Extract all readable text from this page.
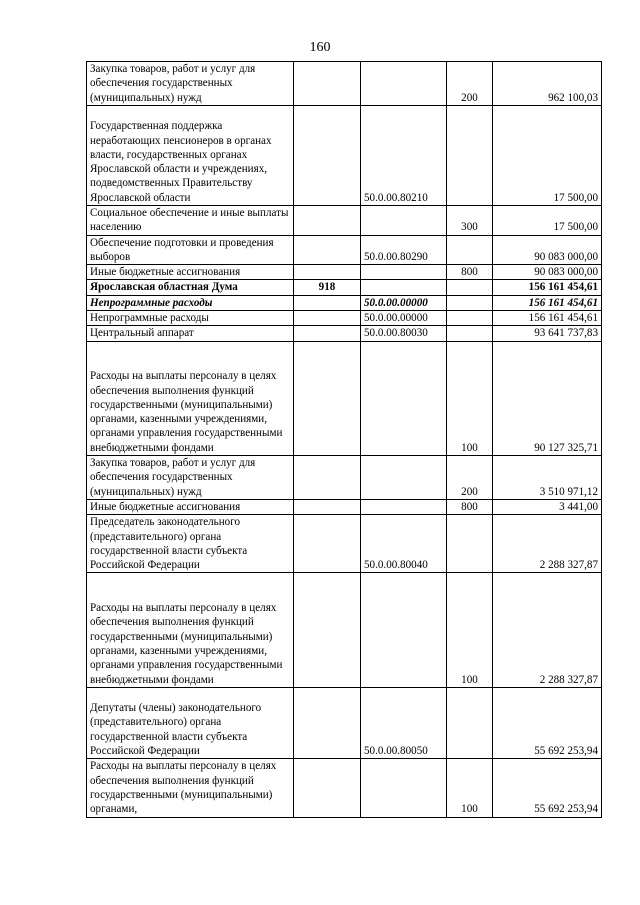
160
Закупка товаров, работ и услуг для обеспечения государственных (муниципальных) нужд			200	962 100,03
Государственная поддержка неработающих пенсионеров в органах власти, государственных органах Ярославской области и учреждениях, подведомственных Правительству Ярославской области		50.0.00.80210		17 500,00
Социальное обеспечение и иные выплаты населению			300	17 500,00
Обеспечение подготовки и проведения выборов		50.0.00.80290		90 083 000,00
Иные бюджетные ассигнования			800	90 083 000,00
Ярославская областная Дума	918			156 161 454,61
Непрограммные расходы		50.0.00.00000		156 161 454,61
Непрограммные расходы		50.0.00.00000		156 161 454,61
Центральный аппарат		50.0.00.80030		93 641 737,83
Расходы на выплаты персоналу в целях обеспечения выполнения функций государственными (муниципальными) органами, казенными учреждениями, органами управления государственными внебюджетными фондами			100	90 127 325,71
Закупка товаров, работ и услуг для обеспечения государственных (муниципальных) нужд			200	3 510 971,12
Иные бюджетные ассигнования			800	3 441,00
Председатель законодательного (представительного) органа государственной власти субъекта Российской Федерации		50.0.00.80040		2 288 327,87
Расходы на выплаты персоналу в целях обеспечения выполнения функций государственными (муниципальными) органами, казенными учреждениями, органами управления государственными внебюджетными фондами			100	2 288 327,87
Депутаты (члены) законодательного (представительного) органа государственной власти субъекта Российской Федерации		50.0.00.80050		55 692 253,94
Расходы на выплаты персоналу в целях обеспечения выполнения функций государственными (муниципальными) органами,			100	55 692 253,94
